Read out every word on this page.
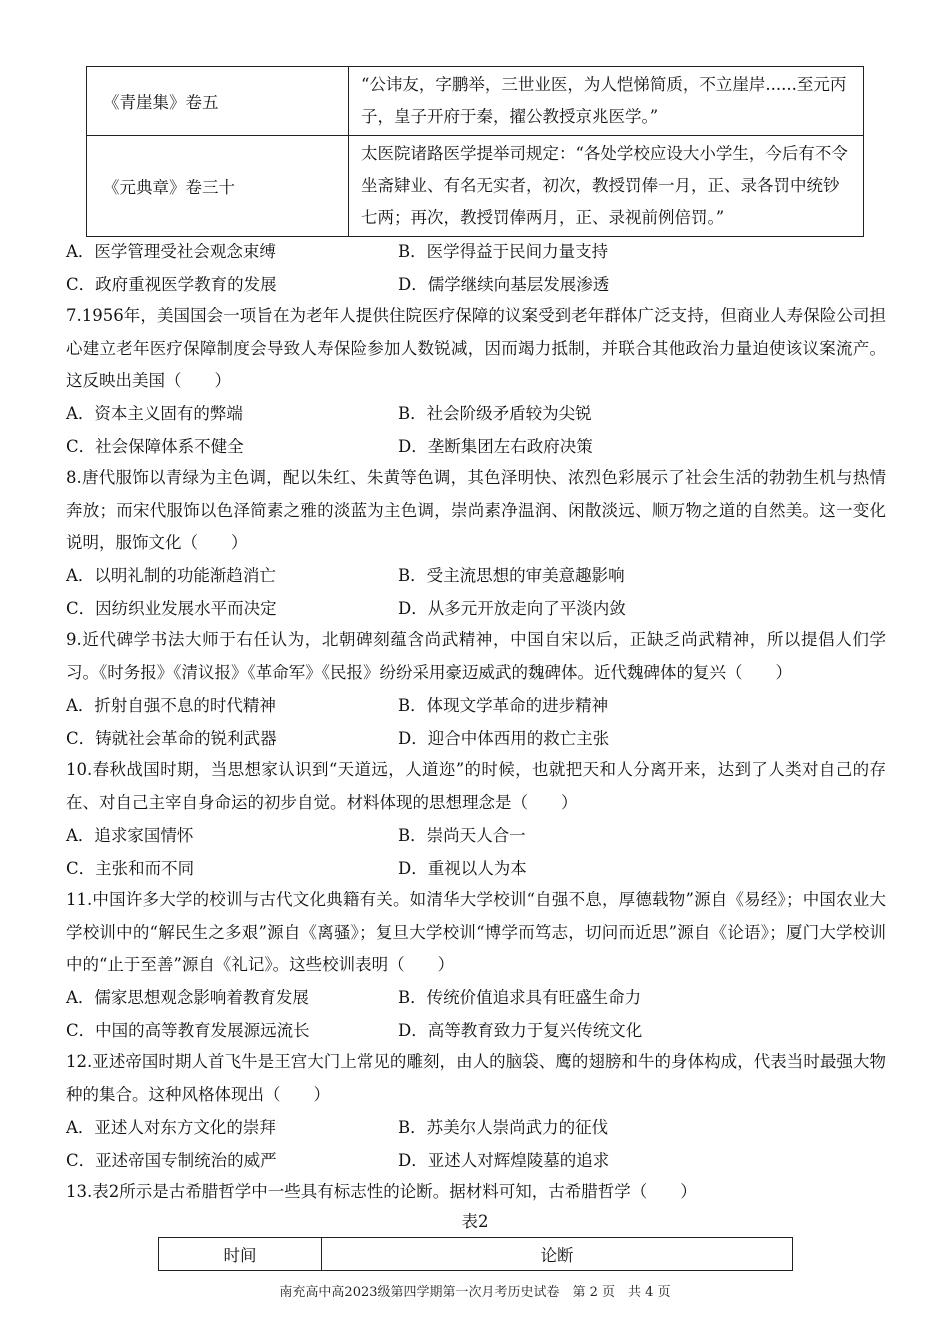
《青崖集》卷五	“公讳友，字鹏举，三世业医，为人恺悌简质，不立崖岸......至元丙子，皇子开府于秦，擢公教授京兆医学。”
《元典章》卷三十	太医院诸路医学提举司规定：“各处学校应设大小学生，今后有不令坐斋肄业、有名无实者，初次，教授罚俸一月，正、录各罚中统钞七两；再次，教授罚俸两月，正、录视前例倍罚。”
A．医学管理受社会观念束缚	B．医学得益于民间力量支持
C．政府重视医学教育的发展	D．儒学继续向基层发展渗透
7.1956年，美国国会一项旨在为老年人提供住院医疗保障的议案受到老年群体广泛支持，但商业人寿保险公司担心建立老年医疗保障制度会导致人寿保险参加人数锐减，因而竭力抵制，并联合其他政治力量迫使该议案流产。这反映出美国（　　）
A．资本主义固有的弊端	B．社会阶级矛盾较为尖锐
C．社会保障体系不健全	D．垄断集团左右政府决策
8.唐代服饰以青绿为主色调，配以朱红、朱黄等色调，其色泽明快、浓烈色彩展示了社会生活的勃勃生机与热情奔放；而宋代服饰以色泽简素之雅的淡蓝为主色调，崇尚素净温润、闲散淡远、顺万物之道的自然美。这一变化说明，服饰文化（　　）
A．以明礼制的功能渐趋消亡	B．受主流思想的审美意趣影响
C．因纺织业发展水平而决定	D．从多元开放走向了平淡内敛
9.近代碑学书法大师于右任认为，北朝碑刻蕴含尚武精神，中国自宋以后，正缺乏尚武精神，所以提倡人们学习。《时务报》《清议报》《革命军》《民报》纷纷采用豪迈威武的魏碑体。近代魏碑体的复兴（　　）
A．折射自强不息的时代精神	B．体现文学革命的进步精神
C．铸就社会革命的锐利武器	D．迎合中体西用的救亡主张
10.春秋战国时期，当思想家认识到“天道远，人道迩”的时候，也就把天和人分离开来，达到了人类对自己的存在、对自己主宰自身命运的初步自觉。材料体现的思想理念是（　　）
A．追求家国情怀	B．崇尚天人合一
C．主张和而不同	D．重视以人为本
11.中国许多大学的校训与古代文化典籍有关。如清华大学校训“自强不息，厚德载物”源自《易经》；中国农业大学校训中的“解民生之多艰”源自《离骚》；复旦大学校训“博学而笃志，切问而近思”源自《论语》；厦门大学校训中的“止于至善”源自《礼记》。这些校训表明（　　）
A．儒家思想观念影响着教育发展	B．传统价值追求具有旺盛生命力
C．中国的高等教育发展源远流长	D．高等教育致力于复兴传统文化
12.亚述帝国时期人首飞牛是王宫大门上常见的雕刻，由人的脑袋、鹰的翅膀和牛的身体构成，代表当时最强大物种的集合。这种风格体现出（　　）
A．亚述人对东方文化的崇拜	B．苏美尔人崇尚武力的征伐
C．亚述帝国专制统治的威严	D．亚述人对辉煌陵墓的追求
13.表2所示是古希腊哲学中一些具有标志性的论断。据材料可知，古希腊哲学（　　）
表2
时间	论断
南充高中高2023级第四学期第一次月考历史试卷　第 2 页　共 4 页
